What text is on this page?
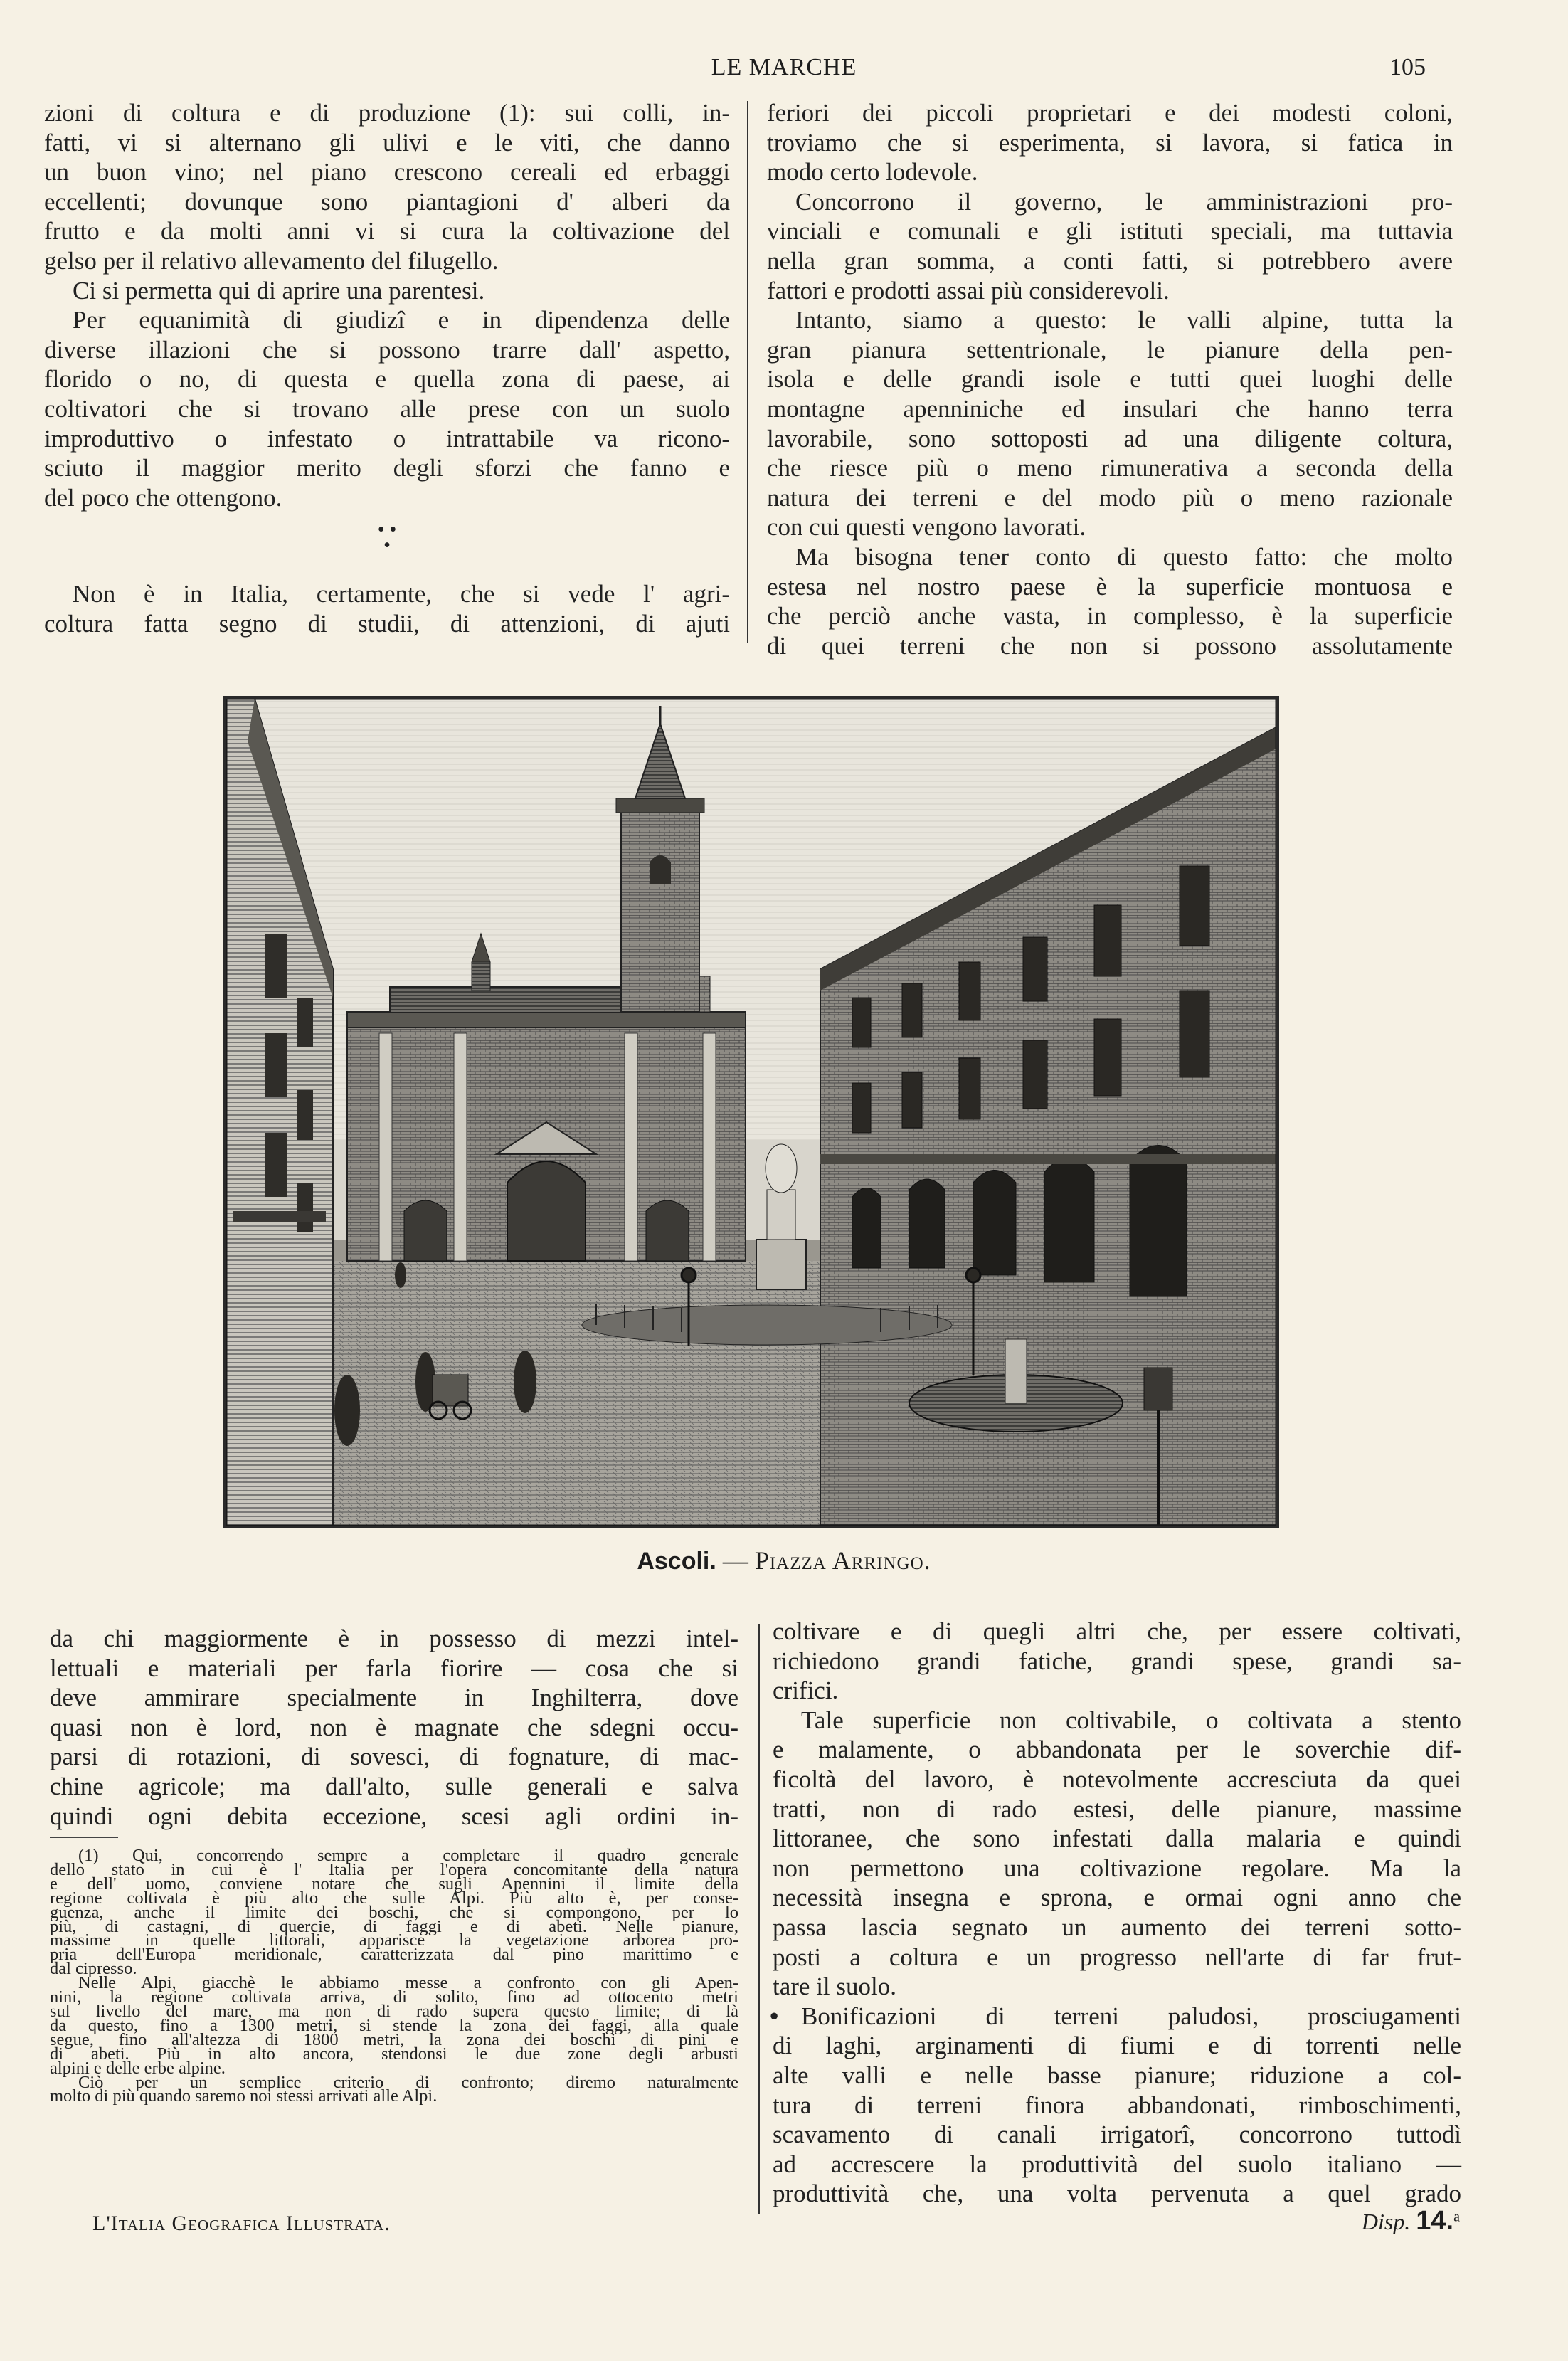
LE MARCHE	105
zioni di coltura e di produzione (1): sui colli, in-
fatti, vi si alternano gli ulivi e le viti, che danno
un buon vino; nel piano crescono cereali ed erbaggi
eccellenti; dovunque sono piantagioni d' alberi da
frutto e da molti anni vi si cura la coltivazione del
gelso per il relativo allevamento del filugello.
Ci si permetta qui di aprire una parentesi.
Per equanimità di giudizî e in dipendenza delle
diverse illazioni che si possono trarre dall' aspetto,
florido o no, di questa e quella zona di paese, ai
coltivatori che si trovano alle prese con un suolo
improduttivo o infestato o intrattabile va ricono-
sciuto il maggior merito degli sforzi che fanno e
del poco che ottengono.
• •
•
Non è in Italia, certamente, che si vede l' agri-
coltura fatta segno di studii, di attenzioni, di ajuti
feriori dei piccoli proprietari e dei modesti coloni,
troviamo che si esperimenta, si lavora, si fatica in
modo certo lodevole.
Concorrono il governo, le amministrazioni pro-
vinciali e comunali e gli istituti speciali, ma tuttavia
nella gran somma, a conti fatti, si potrebbero avere
fattori e prodotti assai più considerevoli.
Intanto, siamo a questo: le valli alpine, tutta la
gran pianura settentrionale, le pianure della pen-
isola e delle grandi isole e tutti quei luoghi delle
montagne apenniniche ed insulari che hanno terra
lavorabile, sono sottoposti ad una diligente coltura,
che riesce più o meno rimunerativa a seconda della
natura dei terreni e del modo più o meno razionale
con cui questi vengono lavorati.
Ma bisogna tener conto di questo fatto: che molto
estesa nel nostro paese è la superficie montuosa e
che perciò anche vasta, in complesso, è la superficie
di quei terreni che non si possono assolutamente
Ascoli. — Piazza Arringo.
da chi maggiormente è in possesso di mezzi intel-
lettuali e materiali per farla fiorire — cosa che si
deve ammirare specialmente in Inghilterra, dove
quasi non è lord, non è magnate che sdegni occu-
parsi di rotazioni, di sovesci, di fognature, di mac-
chine agricole; ma dall'alto, sulle generali e salva
quindi ogni debita eccezione, scesi agli ordini in-
(1) Qui, concorrendo sempre a completare il quadro generale
dello stato in cui è l' Italia per l'opera concomitante della natura
e dell' uomo, conviene notare che sugli Apennini il limite della
regione coltivata è più alto che sulle Alpi. Più alto è, per conse-
guenza, anche il limite dei boschi, che si compongono, per lo
più, di castagni, di quercie, di faggi e di abeti. Nelle pianure,
massime in quelle littorali, apparisce la vegetazione arborea pro-
pria dell'Europa meridionale, caratterizzata dal pino marittimo e
dal cipresso.
Nelle Alpi, giacchè le abbiamo messe a confronto con gli Apen-
nini, la regione coltivata arriva, di solito, fino ad ottocento metri
sul livello del mare, ma non di rado supera questo limite; di là
da questo, fino a 1300 metri, si stende la zona dei faggi, alla quale
segue, fino all'altezza di 1800 metri, la zona dei boschi di pini e
di abeti. Più in alto ancora, stendonsi le due zone degli arbusti
alpini e delle erbe alpine.
Ciò per un semplice criterio di confronto; diremo naturalmente
molto di più quando saremo noi stessi arrivati alle Alpi.
coltivare e di quegli altri che, per essere coltivati,
richiedono grandi fatiche, grandi spese, grandi sa-
crifici.
Tale superficie non coltivabile, o coltivata a stento
e malamente, o abbandonata per le soverchie dif-
ficoltà del lavoro, è notevolmente accresciuta da quei
tratti, non di rado estesi, delle pianure, massime
littoranee, che sono infestati dalla malaria e quindi
non permettono una coltivazione regolare. Ma la
necessità insegna e sprona, e ormai ogni anno che
passa lascia segnato un aumento dei terreni sotto-
posti a coltura e un progresso nell'arte di far frut-
tare il suolo.
• Bonificazioni di terreni paludosi, prosciugamenti
di laghi, arginamenti di fiumi e di torrenti nelle
alte valli e nelle basse pianure; riduzione a col-
tura di terreni finora abbandonati, rimboschimenti,
scavamento di canali irrigatorî, concorrono tuttodì
ad accrescere la produttività del suolo italiano —
produttività che, una volta pervenuta a quel grado
L'Italia Geografica Illustrata.	Disp. 14.$^a$
